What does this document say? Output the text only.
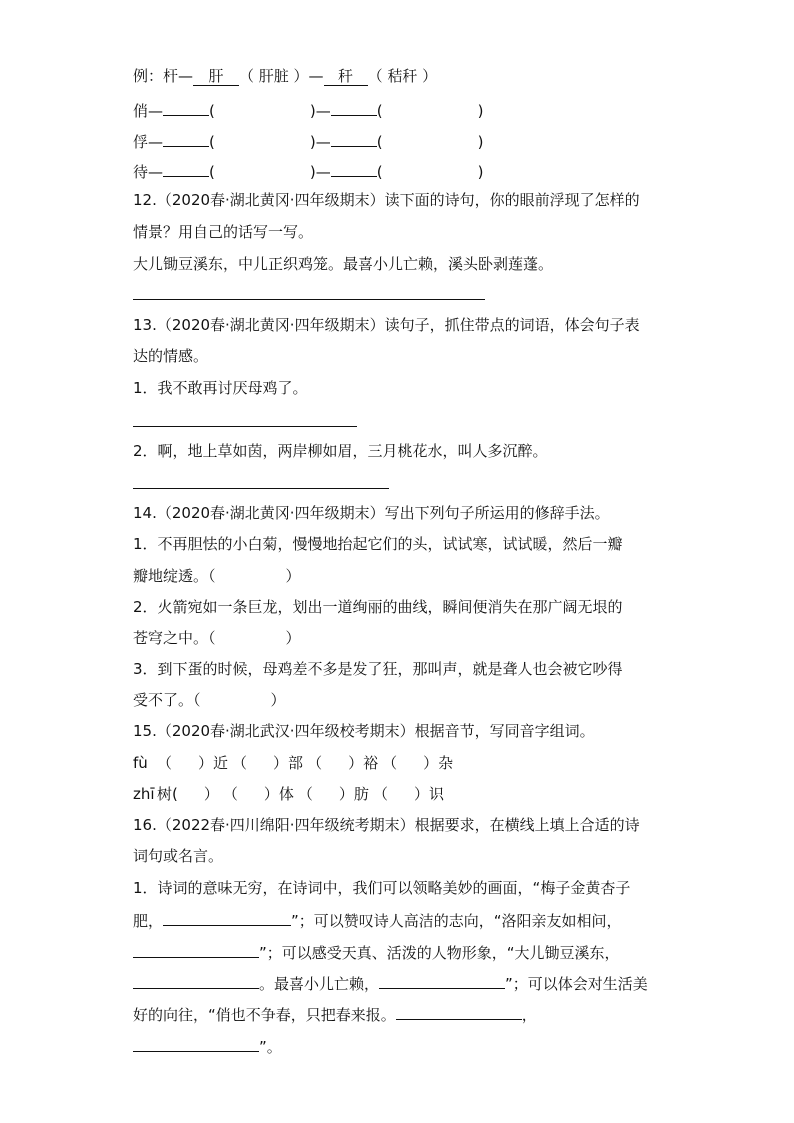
例：杆— 肝 （ 肝脏 ）— 秆 （ 秸秆 ）
俏—	(	)—	(	)
俘—	(	)—	(	)
待—	(	)—	(	)
12.（2020春·湖北黄冈·四年级期末）读下面的诗句，你的眼前浮现了怎样的
情景？用自己的话写一写。
大儿锄豆溪东，中儿正织鸡笼。最喜小儿亡赖，溪头卧剥莲蓬。
13.（2020春·湖北黄冈·四年级期末）读句子，抓住带点的词语，体会句子表
达的情感。
1．我不敢再讨厌母鸡了。
2．啊，地上草如茵，两岸柳如眉，三月桃花水，叫人多沉醉。
14.（2020春·湖北黄冈·四年级期末）写出下列句子所运用的修辞手法。
1．不再胆怯的小白菊，慢慢地抬起它们的头，试试寒，试试暖，然后一瓣
瓣地绽透。（	）
2．火箭宛如一条巨龙，划出一道绚丽的曲线，瞬间便消失在那广阔无垠的
苍穹之中。（	）
3．到下蛋的时候，母鸡差不多是发了狂，那叫声，就是聋人也会被它吵得
受不了。（	）
15.（2020春·湖北武汉·四年级校考期末）根据音节，写同音字组词。
fù （ ）近 （ ）部 （ ）裕 （ ）杂
zhī 树( ） （ ）体 （ ）肪 （ ）识
16.（2022春·四川绵阳·四年级统考期末）根据要求，在横线上填上合适的诗
词句或名言。
1．诗词的意味无穷，在诗词中，我们可以领略美妙的画面，“梅子金黄杏子
肥，	”；可以赞叹诗人高洁的志向，“洛阳亲友如相问，
”；可以感受天真、活泼的人物形象，“大儿锄豆溪东，
。最喜小儿亡赖，	”；可以体会对生活美
好的向往，“俏也不争春，只把春来报。	，
”。
